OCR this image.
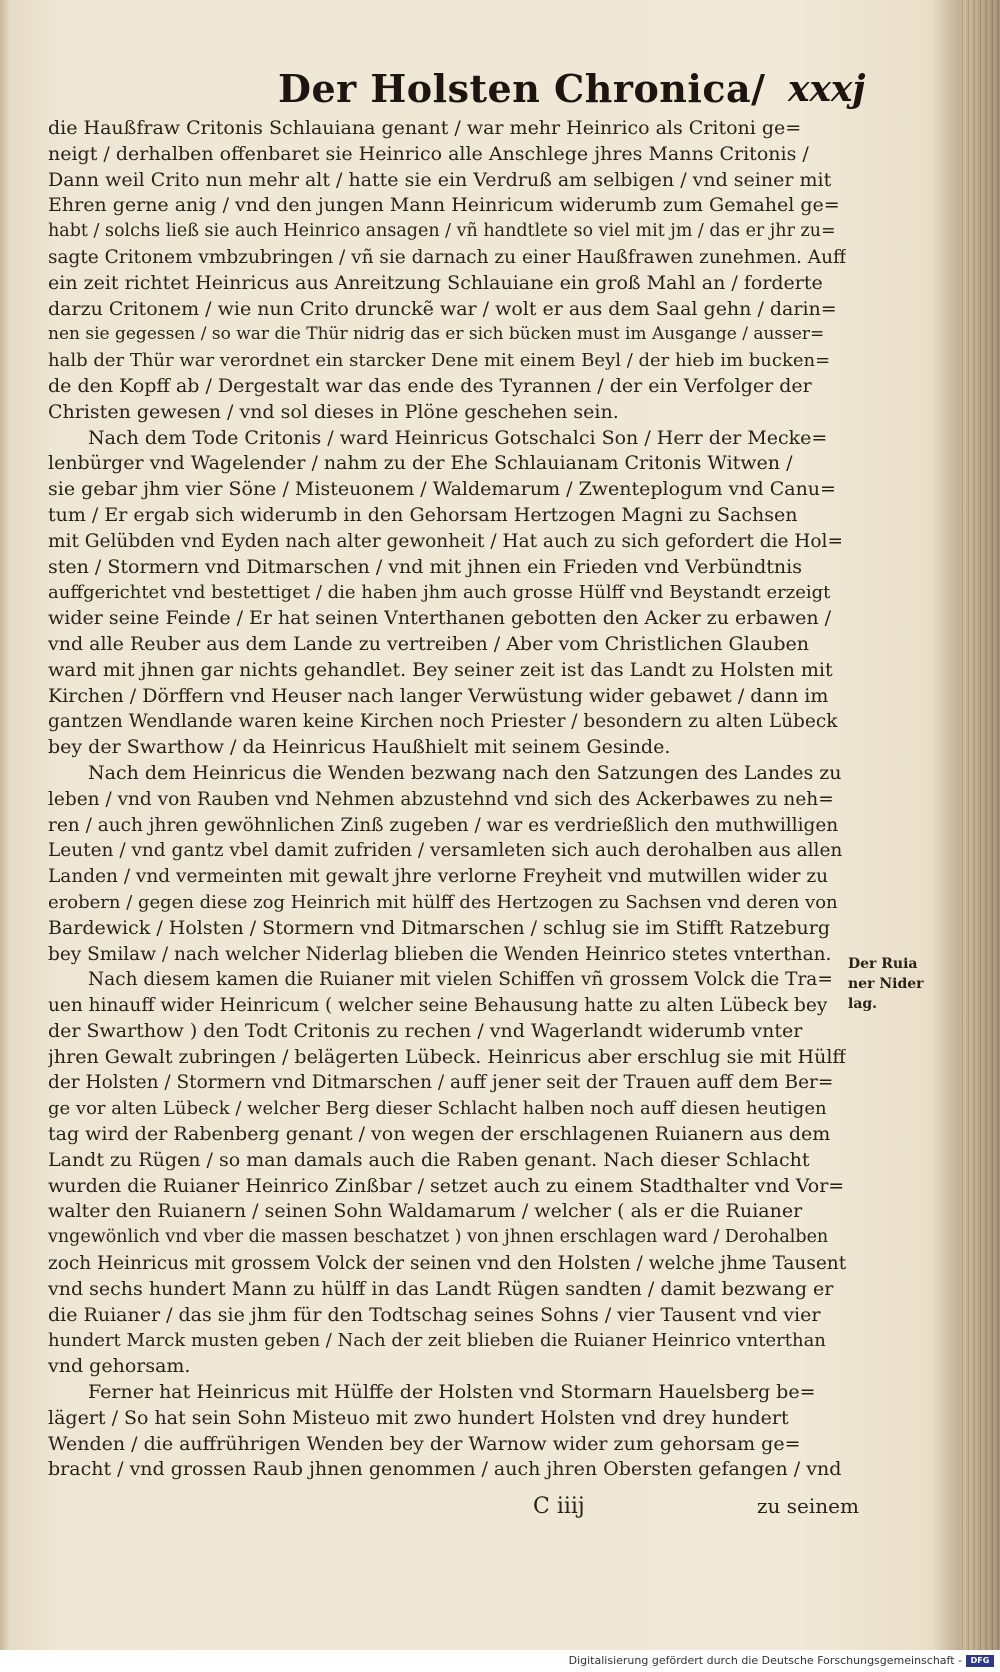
Der Holsten Chronica/ xxxj
die Haußfraw Critonis Schlauiana genant / war mehr Heinrico als Critoni ge=
neigt / derhalben offenbaret sie Heinrico alle Anschlege jhres Manns Critonis /
Dann weil Crito nun mehr alt / hatte sie ein Verdruß am selbigen / vnd seiner mit
Ehren gerne anig / vnd den jungen Mann Heinricum widerumb zum Gemahel ge=
habt / solchs ließ sie auch Heinrico ansagen / vñ handtlete so viel mit jm / das er jhr zu=
sagte Critonem vmbzubringen / vñ sie darnach zu einer Haußfrawen zunehmen. Auff
ein zeit richtet Heinricus aus Anreitzung Schlauiane ein groß Mahl an / forderte
darzu Critonem / wie nun Crito drunckẽ war / wolt er aus dem Saal gehn / darin=
nen sie gegessen / so war die Thür nidrig das er sich bücken must im Ausgange / ausser=
halb der Thür war verordnet ein starcker Dene mit einem Beyl / der hieb im bucken=
de den Kopff ab / Dergestalt war das ende des Tyrannen / der ein Verfolger der
Christen gewesen / vnd sol dieses in Plöne geschehen sein.
Nach dem Tode Critonis / ward Heinricus Gotschalci Son / Herr der Mecke=
lenbürger vnd Wagelender / nahm zu der Ehe Schlauianam Critonis Witwen /
sie gebar jhm vier Söne / Misteuonem / Waldemarum / Zwenteplogum vnd Canu=
tum / Er ergab sich widerumb in den Gehorsam Hertzogen Magni zu Sachsen
mit Gelübden vnd Eyden nach alter gewonheit / Hat auch zu sich gefordert die Hol=
sten / Stormern vnd Ditmarschen / vnd mit jhnen ein Frieden vnd Verbündtnis
auffgerichtet vnd bestettiget / die haben jhm auch grosse Hülff vnd Beystandt erzeigt
wider seine Feinde / Er hat seinen Vnterthanen gebotten den Acker zu erbawen /
vnd alle Reuber aus dem Lande zu vertreiben / Aber vom Christlichen Glauben
ward mit jhnen gar nichts gehandlet. Bey seiner zeit ist das Landt zu Holsten mit
Kirchen / Dörffern vnd Heuser nach langer Verwüstung wider gebawet / dann im
gantzen Wendlande waren keine Kirchen noch Priester / besondern zu alten Lübeck
bey der Swarthow / da Heinricus Haußhielt mit seinem Gesinde.
Nach dem Heinricus die Wenden bezwang nach den Satzungen des Landes zu
leben / vnd von Rauben vnd Nehmen abzustehnd vnd sich des Ackerbawes zu neh=
ren / auch jhren gewöhnlichen Zinß zugeben / war es verdrießlich den muthwilligen
Leuten / vnd gantz vbel damit zufriden / versamleten sich auch derohalben aus allen
Landen / vnd vermeinten mit gewalt jhre verlorne Freyheit vnd mutwillen wider zu
erobern / gegen diese zog Heinrich mit hülff des Hertzogen zu Sachsen vnd deren von
Bardewick / Holsten / Stormern vnd Ditmarschen / schlug sie im Stifft Ratzeburg
bey Smilaw / nach welcher Niderlag blieben die Wenden Heinrico stetes vnterthan.
Nach diesem kamen die Ruianer mit vielen Schiffen vñ grossem Volck die Tra=
uen hinauff wider Heinricum ( welcher seine Behausung hatte zu alten Lübeck bey
der Swarthow ) den Todt Critonis zu rechen / vnd Wagerlandt widerumb vnter
jhren Gewalt zubringen / belägerten Lübeck. Heinricus aber erschlug sie mit Hülff
der Holsten / Stormern vnd Ditmarschen / auff jener seit der Trauen auff dem Ber=
ge vor alten Lübeck / welcher Berg dieser Schlacht halben noch auff diesen heutigen
tag wird der Rabenberg genant / von wegen der erschlagenen Ruianern aus dem
Landt zu Rügen / so man damals auch die Raben genant. Nach dieser Schlacht
wurden die Ruianer Heinrico Zinßbar / setzet auch zu einem Stadthalter vnd Vor=
walter den Ruianern / seinen Sohn Waldamarum / welcher ( als er die Ruianer
vngewönlich vnd vber die massen beschatzet ) von jhnen erschlagen ward / Derohalben
zoch Heinricus mit grossem Volck der seinen vnd den Holsten / welche jhme Tausent
vnd sechs hundert Mann zu hülff in das Landt Rügen sandten / damit bezwang er
die Ruianer / das sie jhm für den Todtschag seines Sohns / vier Tausent vnd vier
hundert Marck musten geben / Nach der zeit blieben die Ruianer Heinrico vnterthan
vnd gehorsam.
Ferner hat Heinricus mit Hülffe der Holsten vnd Stormarn Hauelsberg be=
lägert / So hat sein Sohn Misteuo mit zwo hundert Holsten vnd drey hundert
Wenden / die auffrührigen Wenden bey der Warnow wider zum gehorsam ge=
bracht / vnd grossen Raub jhnen genommen / auch jhren Obersten gefangen / vnd
Der Ruia
ner Nider
lag.
C iiij	zu seinem
Digitalisierung gefördert durch die Deutsche Forschungsgemeinschaft -	DFG
